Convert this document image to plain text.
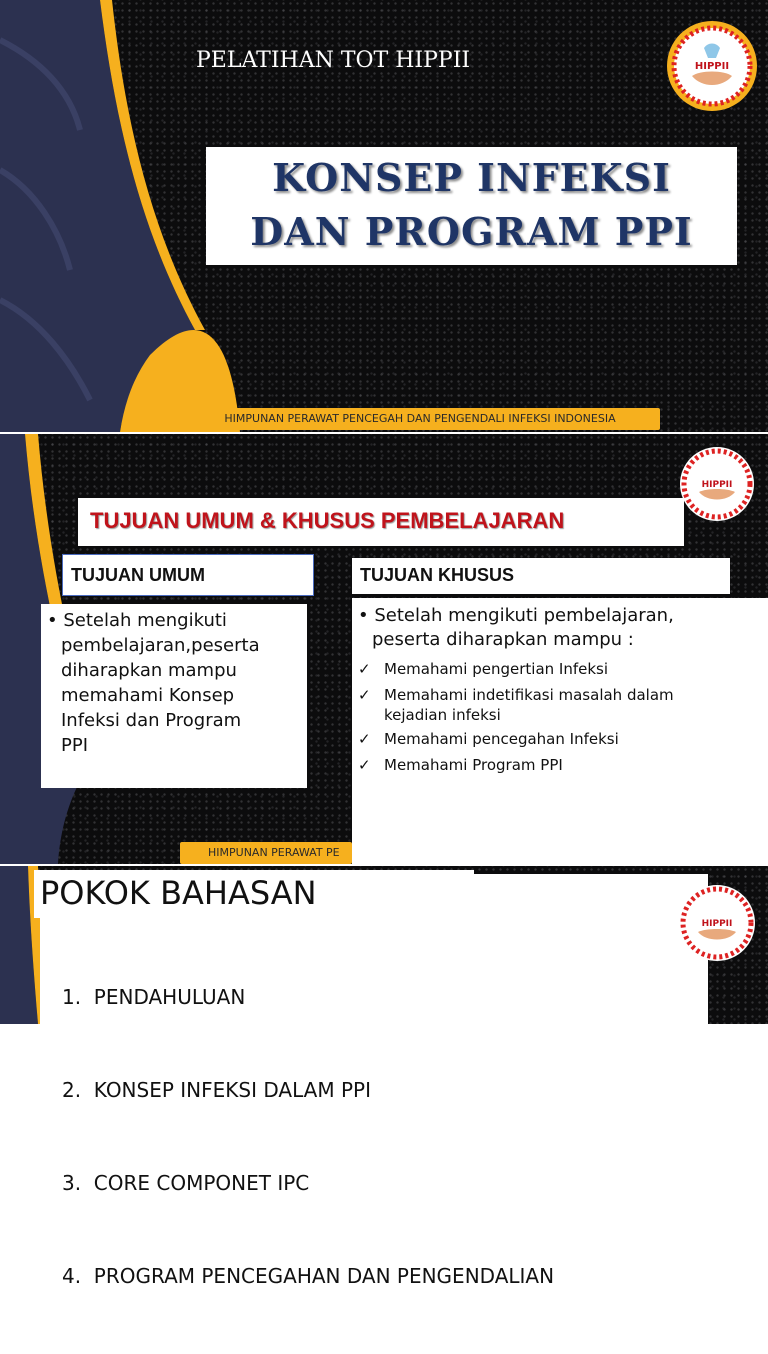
PELATIHAN TOT HIPPII	HIPPII
KONSEP INFEKSI
DAN PROGRAM PPI
HIMPUNAN PERAWAT PENCEGAH DAN PENGENDALI INFEKSI INDONESIA
HIPPII
TUJUAN UMUM & KHUSUS PEMBELAJARAN
TUJUAN UMUM	TUJUAN KHUSUS
• Setelah mengikuti
pembelajaran,peserta
diharapkan mampu
memahami Konsep
Infeksi dan Program
PPI
• Setelah mengikuti pembelajaran,
peserta diharapkan mampu :
✓ Memahami pengertian Infeksi
✓ Memahami indetifikasi masalah dalam
kejadian infeksi
✓ Memahami pencegahan Infeksi
✓ Memahami Program PPI
HIMPUNAN PERAWAT PE
POKOK BAHASAN
HIPPII

1.  PENDAHULUAN

2.  KONSEP INFEKSI DALAM PPI

3.  CORE COMPONET IPC

4.  PROGRAM PENCEGAHAN DAN PENGENDALIAN
